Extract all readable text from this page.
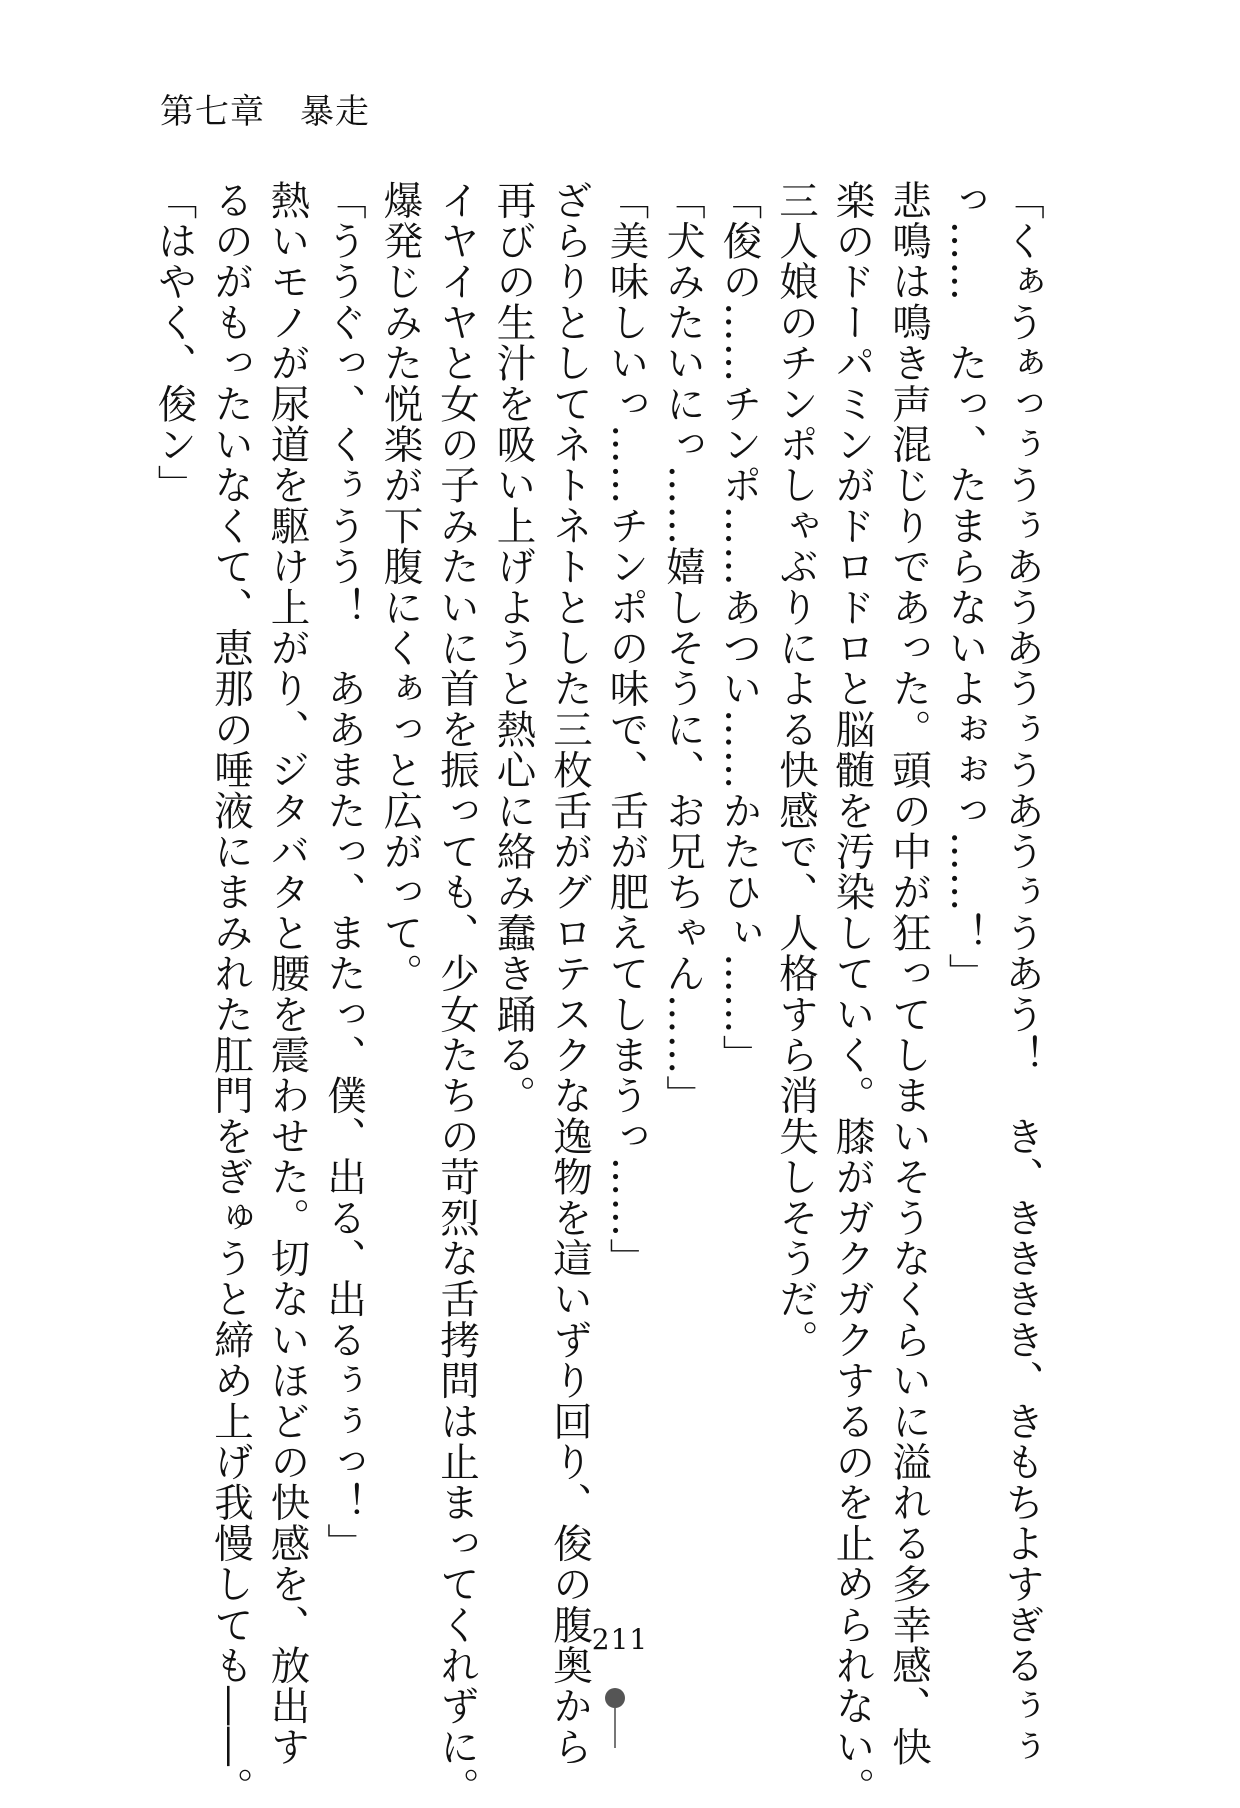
第七章　暴走
「くぁうぁっぅうぅあうあうぅうあうぅうあう！　き、きききき、きもちよすぎるぅぅ
っ……　たっ、たまらないよぉぉっ……！」
悲鳴は鳴き声混じりであった。頭の中が狂ってしまいそうなくらいに溢れる多幸感、快
楽のドーパミンがドロドロと脳髄を汚染していく。膝がガクガクするのを止められない。
三人娘のチンポしゃぶりによる快感で、人格すら消失しそうだ。
「俊の……チンポ……あつい……かたひぃ……」
「犬みたいにっ……嬉しそうに、お兄ちゃん……」
「美味しいっ……チンポの味で、舌が肥えてしまうっ……」
ざらりとしてネトネトとした三枚舌がグロテスクな逸物を這いずり回り、俊の腹奥から
再びの生汁を吸い上げようと熱心に絡み蠢き踊る。
イヤイヤと女の子みたいに首を振っても、少女たちの苛烈な舌拷問は止まってくれずに。
爆発じみた悦楽が下腹にくぁっと広がって。
「ううぐっ、くぅうう！　ああまたっ、またっ、僕、出る、出るぅぅっ！」
熱いモノが尿道を駆け上がり、ジタバタと腰を震わせた。切ないほどの快感を、放出す
るのがもったいなくて、恵那の唾液にまみれた肛門をぎゅうと締め上げ我慢しても――。
「はやく、俊ン」
211
